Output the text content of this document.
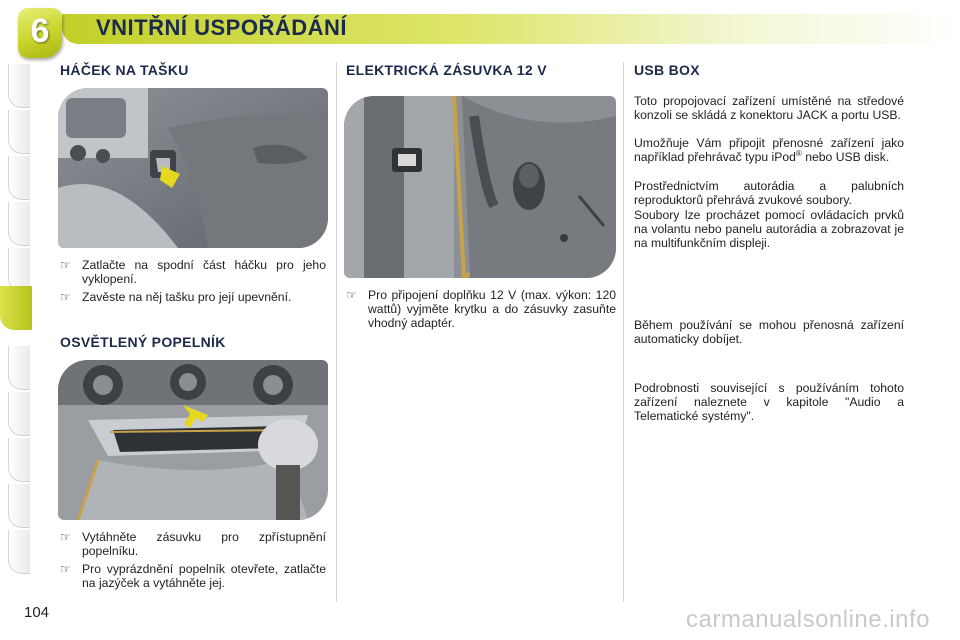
6	VNITŘNÍ USPOŘÁDÁNÍ
HÁČEK NA TAŠKU
☞ Zatlačte na spodní část háčku pro jeho vyklopení.
☞ Zavěste na něj tašku pro její upevnění.
OSVĚTLENÝ POPELNÍK
☞ Vytáhněte zásuvku pro zpřístupnění popelníku.
☞ Pro vyprázdnění popelník otevřete, zatlačte na jazýček a vytáhněte jej.
ELEKTRICKÁ ZÁSUVKA 12 V
☞ Pro připojení doplňku 12 V (max. výkon: 120 wattů) vyjměte krytku a do zásuvky zasuňte vhodný adaptér.
USB BOX

Toto propojovací zařízení umístěné na středové konzoli se skládá z konektoru JACK a portu USB.

Umožňuje Vám připojit přenosné zařízení jako například přehrávač typu iPod® nebo USB disk.

Prostřednictvím autorádia a palubních reproduktorů přehrává zvukové soubory.

Soubory lze procházet pomocí ovládacích prvků na volantu nebo panelu autorádia a zobrazovat je na multifunkčním displeji.

Během používání se mohou přenosná zařízení automaticky dobíjet.

Podrobnosti související s používáním tohoto zařízení naleznete v kapitole "Audio a Telematické systémy".

104	carmanualsonline.info
